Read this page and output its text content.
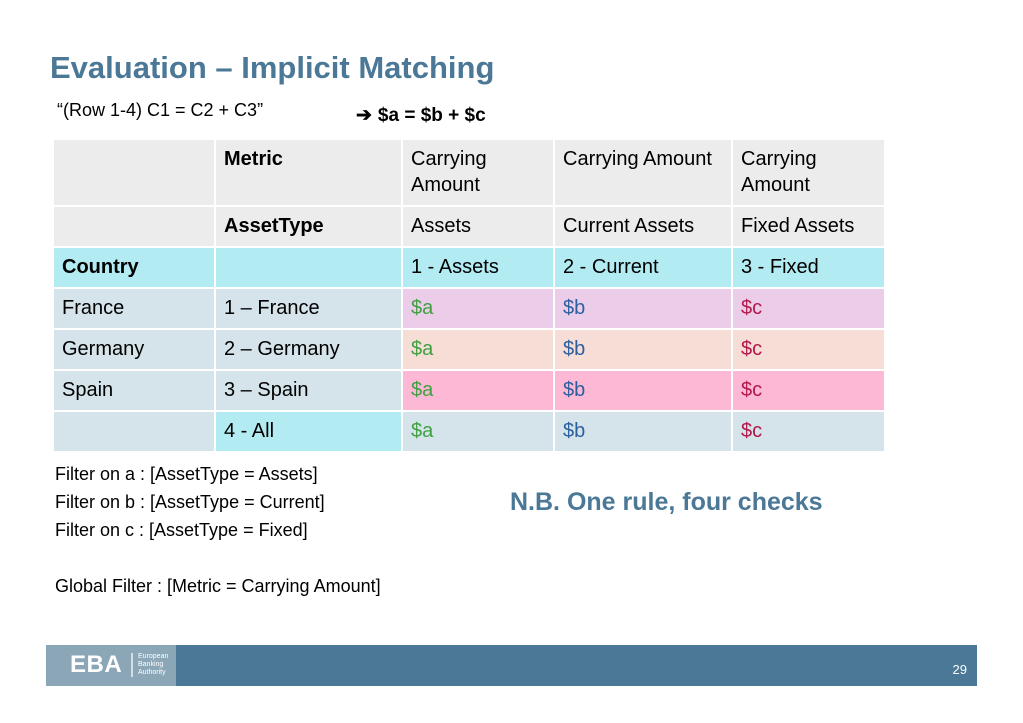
Evaluation – Implicit Matching
“(Row 1-4) C1 = C2 + C3”	➔ $a = $b + $c
	Metric	Carrying Amount	Carrying Amount	Carrying Amount
	AssetType	Assets	Current Assets	Fixed Assets
Country		1 - Assets	2 - Current	3 - Fixed
France	1 – France	$a	$b	$c
Germany	2 – Germany	$a	$b	$c
Spain	3 – Spain	$a	$b	$c
	4 - All	$a	$b	$c
Filter on a : [AssetType = Assets]
Filter on b : [AssetType = Current]
Filter on c : [AssetType = Fixed]
Global Filter : [Metric = Carrying Amount]
N.B. One rule, four checks
EBA European
Banking
Authority	29
